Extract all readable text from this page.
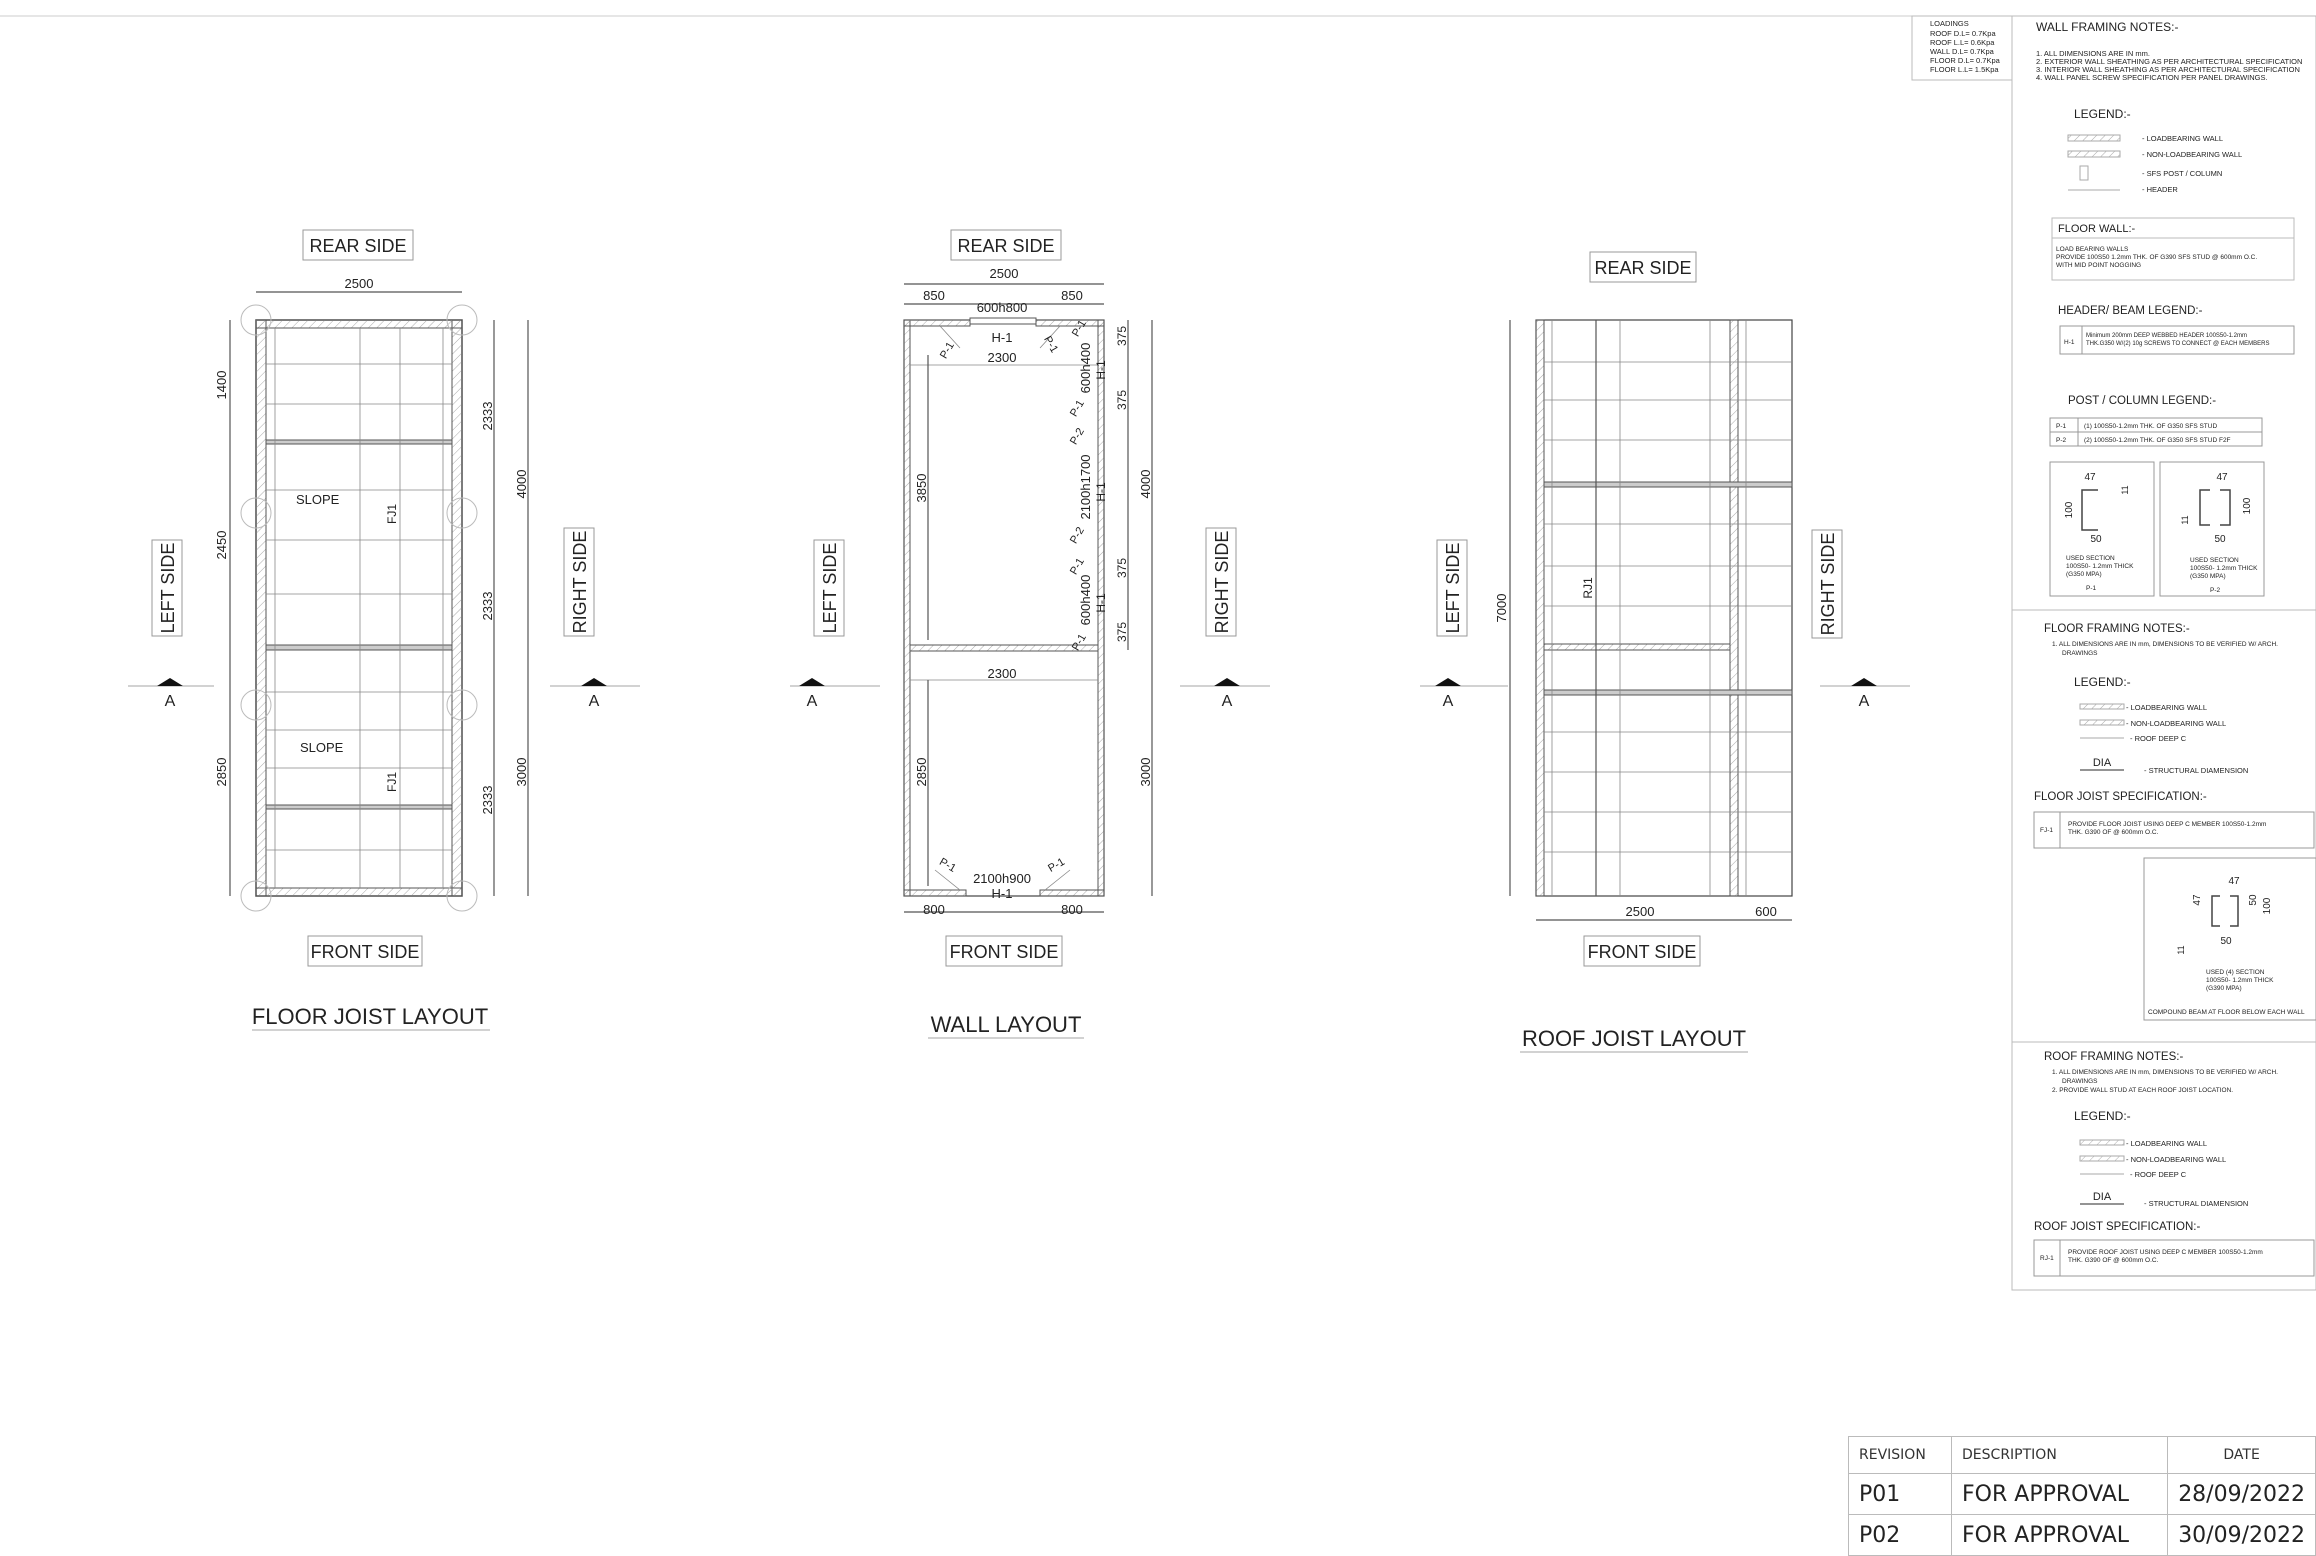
REAR SIDE
FRONT SIDE
LEFT SIDE	RIGHT SIDE
2500
1400
2450
2850
2333
2333
2333
4000
3000
SLOPE
SLOPE
FJ1
FJ1
A	A
FLOOR JOIST LAYOUT
REAR SIDE
FRONT SIDE
LEFT SIDE	RIGHT SIDE
2500
850	850
600h800
H-1
2300
2300
3850
2850
600h400
2100h1700
600h400
H-1
H-1
H-1
375
375
375
375
4000
3000
2100h900
H-1
800	800
P-1	P-1
P-1
P-1
P-2
P-2
P-1
P-1
P-1	P-1
A	A
WALL LAYOUT
REAR SIDE
FRONT SIDE
LEFT SIDE	RIGHT SIDE
RJ1
7000
2500	600
A	A
ROOF JOIST LAYOUT
LOADINGS
ROOF D.L= 0.7Kpa
ROOF L.L= 0.6Kpa
WALL D.L= 0.7Kpa
FLOOR D.L= 0.7Kpa
FLOOR L.L= 1.5Kpa
WALL FRAMING NOTES:-
1. ALL DIMENSIONS ARE IN mm.
2. EXTERIOR WALL SHEATHING AS PER ARCHITECTURAL SPECIFICATION
3. INTERIOR WALL SHEATHING AS PER ARCHITECTURAL SPECIFICATION
4. WALL PANEL SCREW SPECIFICATION PER PANEL DRAWINGS.
LEGEND:-
- LOADBEARING WALL
- NON-LOADBEARING WALL
- SFS POST / COLUMN
- HEADER
FLOOR WALL:-
LOAD BEARING WALLS
PROVIDE 100S50 1.2mm THK. OF G390 SFS STUD @ 600mm O.C.
WITH MID POINT NOGGING
HEADER/ BEAM LEGEND:-
H-1
Minimum 200mm DEEP WEBBED HEADER 100S50-1.2mm
THK.G350 W/(2) 10g SCREWS TO CONNECT @ EACH MEMBERS
POST / COLUMN LEGEND:-
P-1	(1) 100S50-1.2mm THK. OF G350 SFS STUD
P-2	(2) 100S50-1.2mm THK. OF G350 SFS STUD F2F
47
100
50
11
USED SECTION
100S50- 1.2mm THICK
(G350 MPA)
P-1
47
100
50
11
USED SECTION
100S50- 1.2mm THICK
(G350 MPA)
P-2
FLOOR FRAMING NOTES:-
1. ALL DIMENSIONS ARE IN mm, DIMENSIONS TO BE VERIFIED W/ ARCH.
DRAWINGS
LEGEND:-
- LOADBEARING WALL
- NON-LOADBEARING WALL
- ROOF DEEP C
DIA
- STRUCTURAL DIAMENSION
FLOOR JOIST SPECIFICATION:-
FJ-1
PROVIDE FLOOR JOIST USING DEEP C MEMBER 100S50-1.2mm
THK. G390 OF @ 600mm O.C.
47
47	50 100
50
11
USED (4) SECTION
100S50- 1.2mm THICK
(G390 MPA)
COMPOUND BEAM AT FLOOR BELOW EACH WALL
ROOF FRAMING NOTES:-
1. ALL DIMENSIONS ARE IN mm, DIMENSIONS TO BE VERIFIED W/ ARCH.
DRAWINGS
2. PROVIDE WALL STUD AT EACH ROOF JOIST LOCATION.
LEGEND:-
- LOADBEARING WALL
- NON-LOADBEARING WALL
- ROOF DEEP C
DIA
- STRUCTURAL DIAMENSION
ROOF JOIST SPECIFICATION:-
RJ-1
PROVIDE ROOF JOIST USING DEEP C MEMBER 100S50-1.2mm
THK. G390 OF @ 600mm O.C.
REVISION	DESCRIPTION	DATE
P01	FOR APPROVAL	28/09/2022
P02	FOR APPROVAL	30/09/2022
